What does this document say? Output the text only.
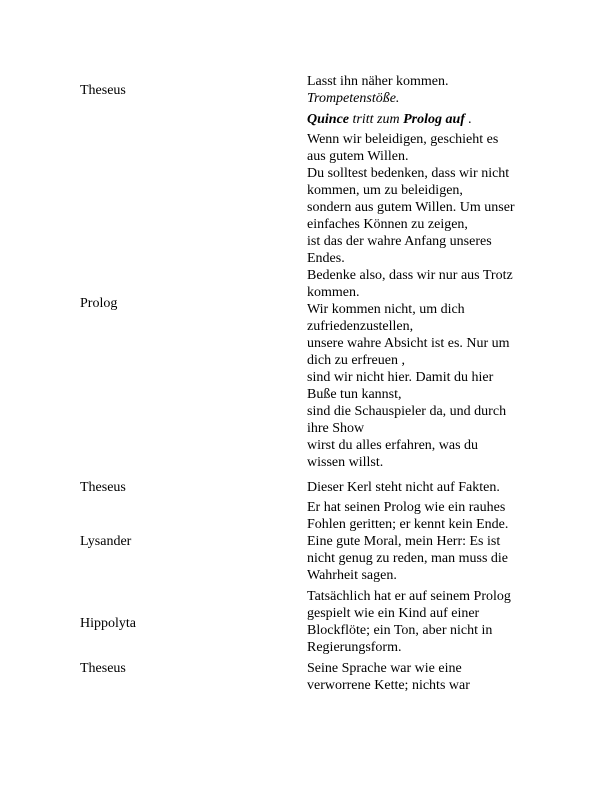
Theseus
Lasst ihn näher kommen.
Trompetenstöße.
Quince tritt zum Prolog auf .
Prolog
Wenn wir beleidigen, geschieht es
aus gutem Willen.
Du solltest bedenken, dass wir nicht
kommen, um zu beleidigen,
sondern aus gutem Willen. Um unser
einfaches Können zu zeigen,
ist das der wahre Anfang unseres
Endes.
Bedenke also, dass wir nur aus Trotz
kommen.
Wir kommen nicht, um dich
zufriedenzustellen,
unsere wahre Absicht ist es. Nur um
dich zu erfreuen ,
sind wir nicht hier. Damit du hier
Buße tun kannst,
sind die Schauspieler da, und durch
ihre Show
wirst du alles erfahren, was du
wissen willst.
Theseus	Dieser Kerl steht nicht auf Fakten.
Lysander
Er hat seinen Prolog wie ein rauhes
Fohlen geritten; er kennt kein Ende.
Eine gute Moral, mein Herr: Es ist
nicht genug zu reden, man muss die
Wahrheit sagen.
Hippolyta
Tatsächlich hat er auf seinem Prolog
gespielt wie ein Kind auf einer
Blockflöte; ein Ton, aber nicht in
Regierungsform.
Theseus	Seine Sprache war wie eine
verworrene Kette; nichts war
